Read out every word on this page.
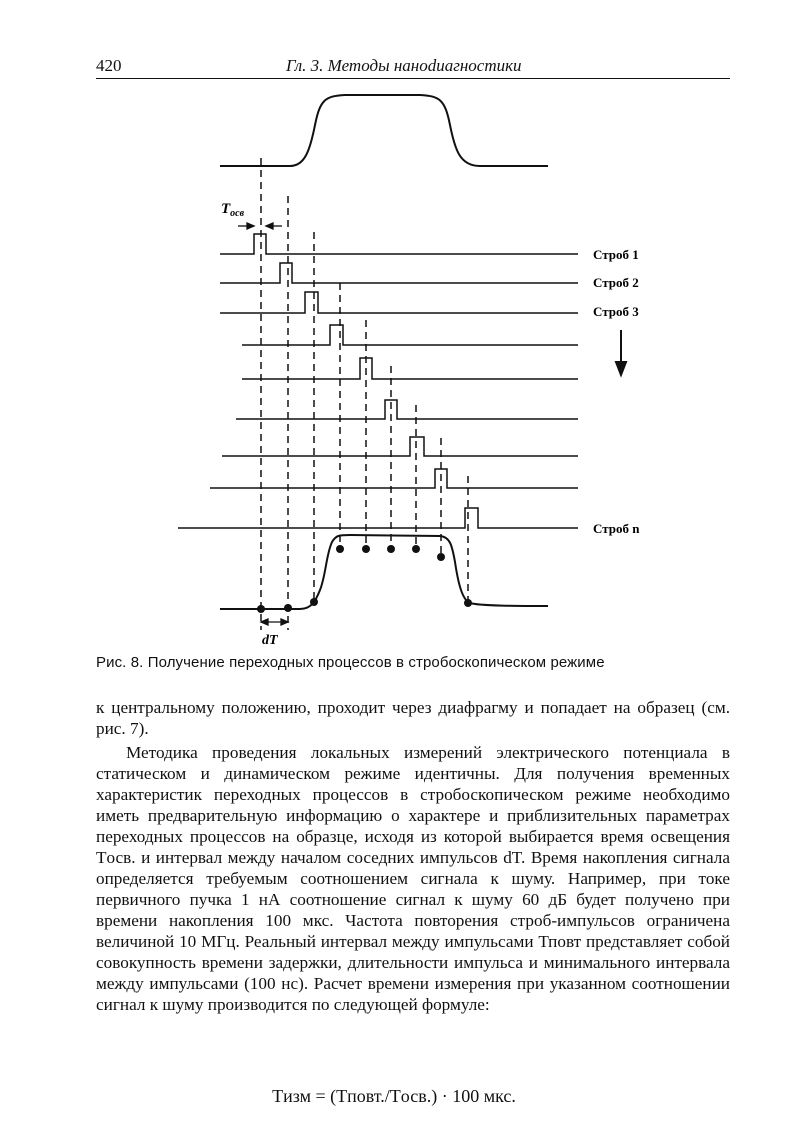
420	Гл. 3. Методы наноdиагностики
$T_{осв}$
dT
Строб 1
Строб 2
Строб 3
Строб n
Рис. 8. Получение переходных процессов в стробоскопическом режиме

к центральному положению, проходит через диафрагму и попадает на образец (см. рис. 7).

Методика проведения локальных измерений электрического потенциала в статическом и динамическом режиме идентичны. Для получения временных характеристик переходных процессов в стробоскопическом режиме необходимо иметь предварительную информацию о характере и приблизительных параметрах переходных процессов на образце, исходя из которой выбирается время освещения Tосв. и интервал между началом соседних импульсов dT. Время накопления сигнала определяется требуемым соотношением сигнала к шуму. Например, при токе первичного пучка 1 нА соотношение сигнал к шуму 60 дБ будет получено при времени накопления 100 мкс. Частота повторения строб-импульсов ограничена величиной 10 МГц. Реальный интервал между импульсами Тповт представляет собой совокупность времени задержки, длительности импульса и минимального интервала между импульсами (100 нс). Расчет времени измерения при указанном соотношении сигнал к шуму производится по следующей формуле:

Tизм = (Tповт./Tосв.) · 100 мкс.
